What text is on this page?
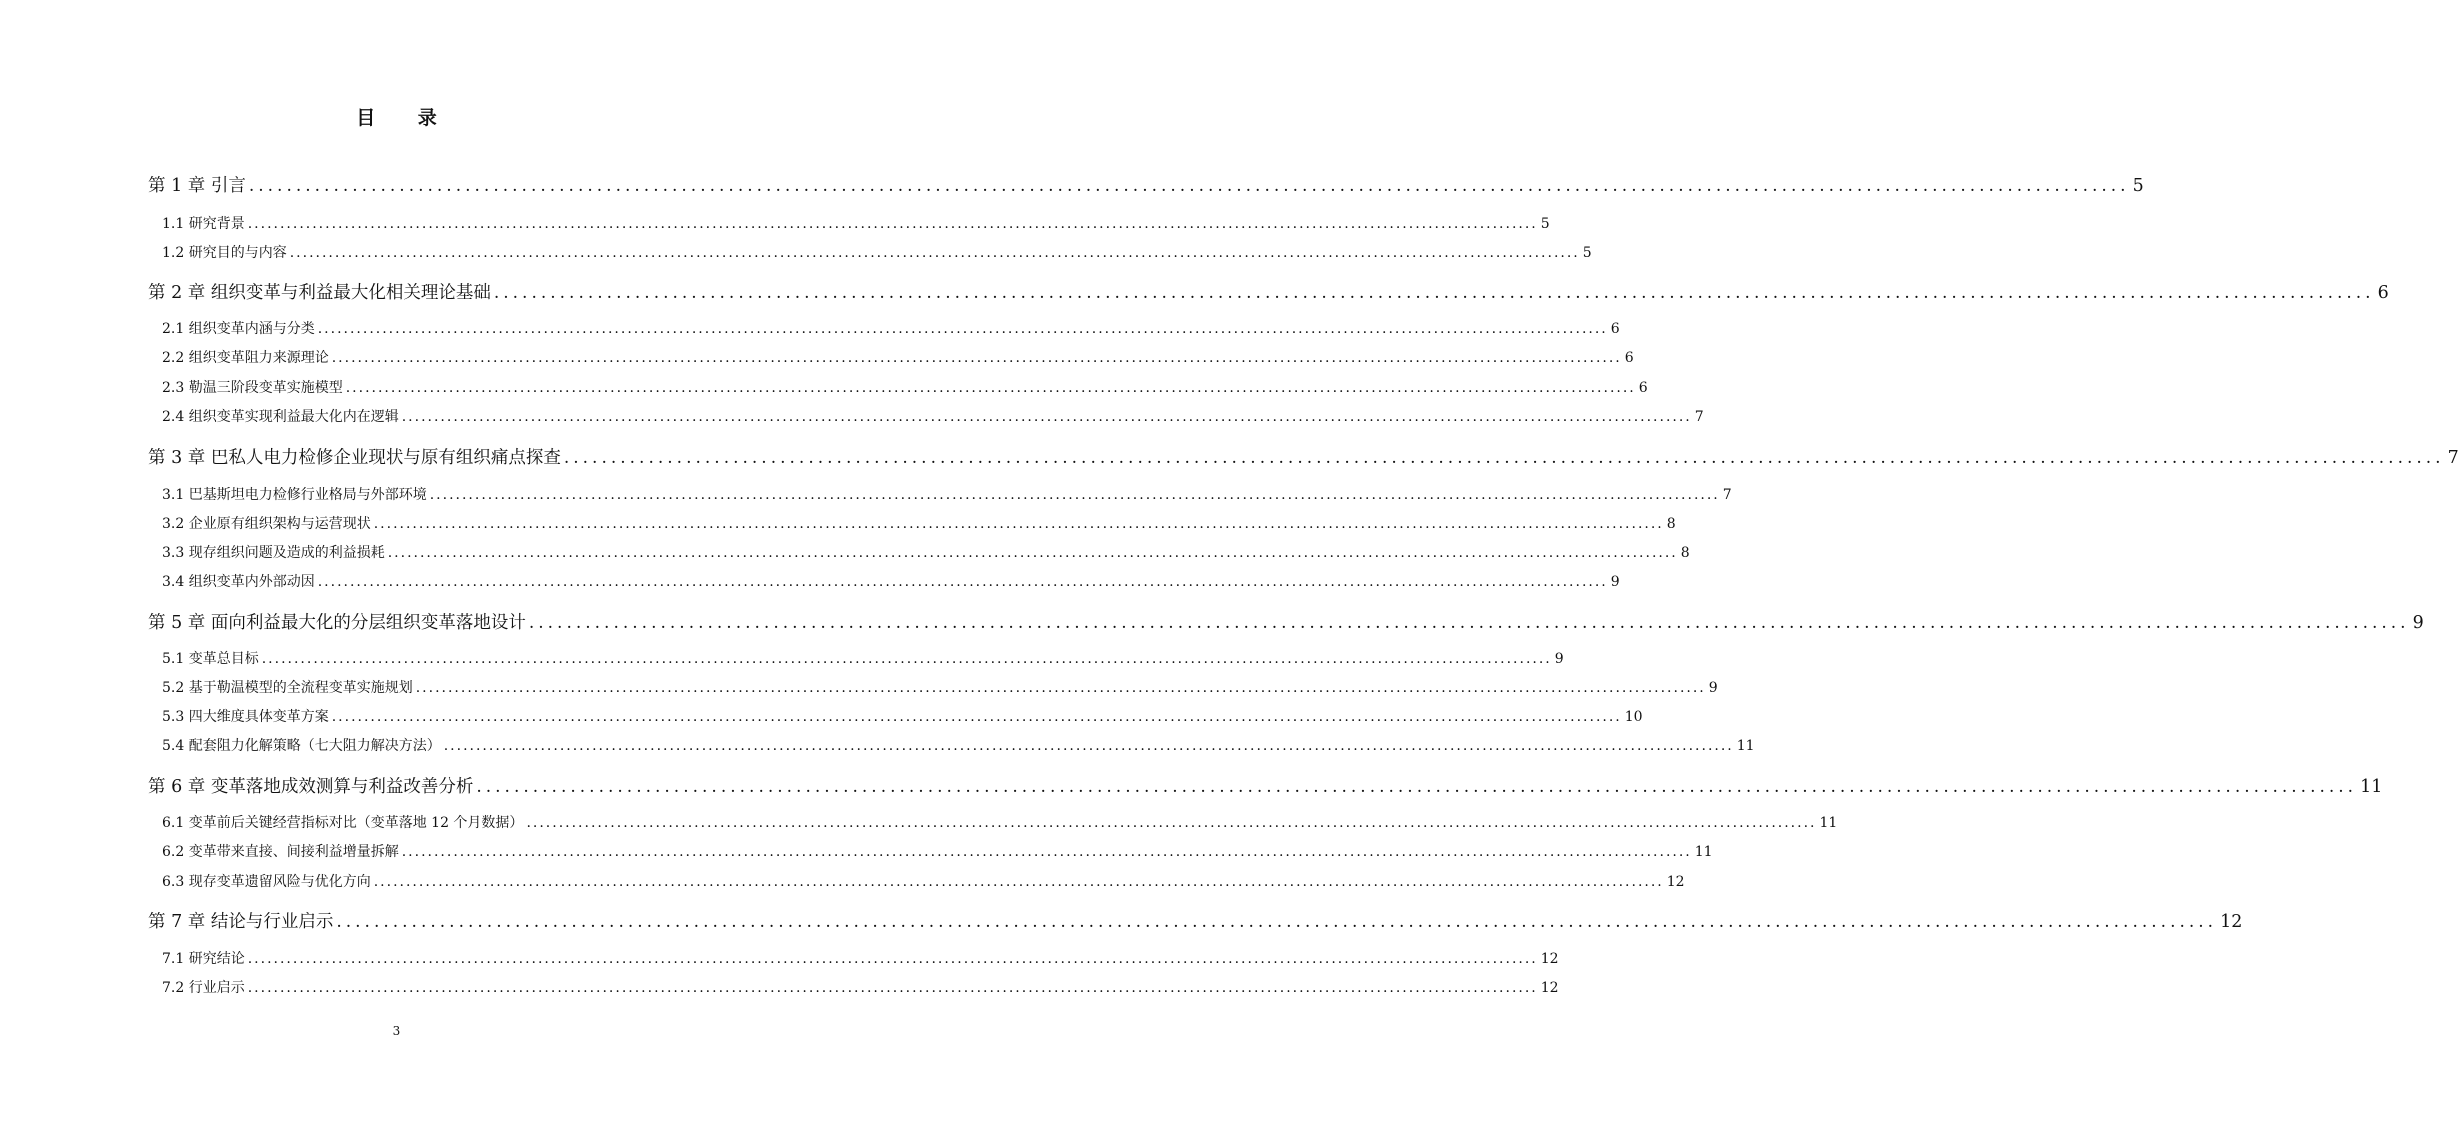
目 录
第 1 章 引言 ........................................................................................................................................................................................................ 5
1.1 研究背景 ........................................................................................................................................................................................................ 5
1.2 研究目的与内容 ........................................................................................................................................................................................................ 5
第 2 章 组织变革与利益最大化相关理论基础 ........................................................................................................................................................................................................ 6
2.1 组织变革内涵与分类 ........................................................................................................................................................................................................ 6
2.2 组织变革阻力来源理论 ........................................................................................................................................................................................................ 6
2.3 勒温三阶段变革实施模型 ........................................................................................................................................................................................................ 6
2.4 组织变革实现利益最大化内在逻辑 ........................................................................................................................................................................................................ 7
第 3 章 巴私人电力检修企业现状与原有组织痛点探查 ........................................................................................................................................................................................................ 7
3.1 巴基斯坦电力检修行业格局与外部环境 ........................................................................................................................................................................................................ 7
3.2 企业原有组织架构与运营现状 ........................................................................................................................................................................................................ 8
3.3 现存组织问题及造成的利益损耗 ........................................................................................................................................................................................................ 8
3.4 组织变革内外部动因 ........................................................................................................................................................................................................ 9
第 5 章 面向利益最大化的分层组织变革落地设计 ........................................................................................................................................................................................................ 9
5.1 变革总目标 ........................................................................................................................................................................................................ 9
5.2 基于勒温模型的全流程变革实施规划 ........................................................................................................................................................................................................ 9
5.3 四大维度具体变革方案 ........................................................................................................................................................................................................ 10
5.4 配套阻力化解策略（七大阻力解决方法） ........................................................................................................................................................................................................ 11
第 6 章 变革落地成效测算与利益改善分析 ........................................................................................................................................................................................................ 11
6.1 变革前后关键经营指标对比（变革落地 12 个月数据） ........................................................................................................................................................................................................ 11
6.2 变革带来直接、间接利益增量拆解 ........................................................................................................................................................................................................ 11
6.3 现存变革遗留风险与优化方向 ........................................................................................................................................................................................................ 12
第 7 章 结论与行业启示 ........................................................................................................................................................................................................ 12
7.1 研究结论 ........................................................................................................................................................................................................ 12
7.2 行业启示 ........................................................................................................................................................................................................ 12
3
